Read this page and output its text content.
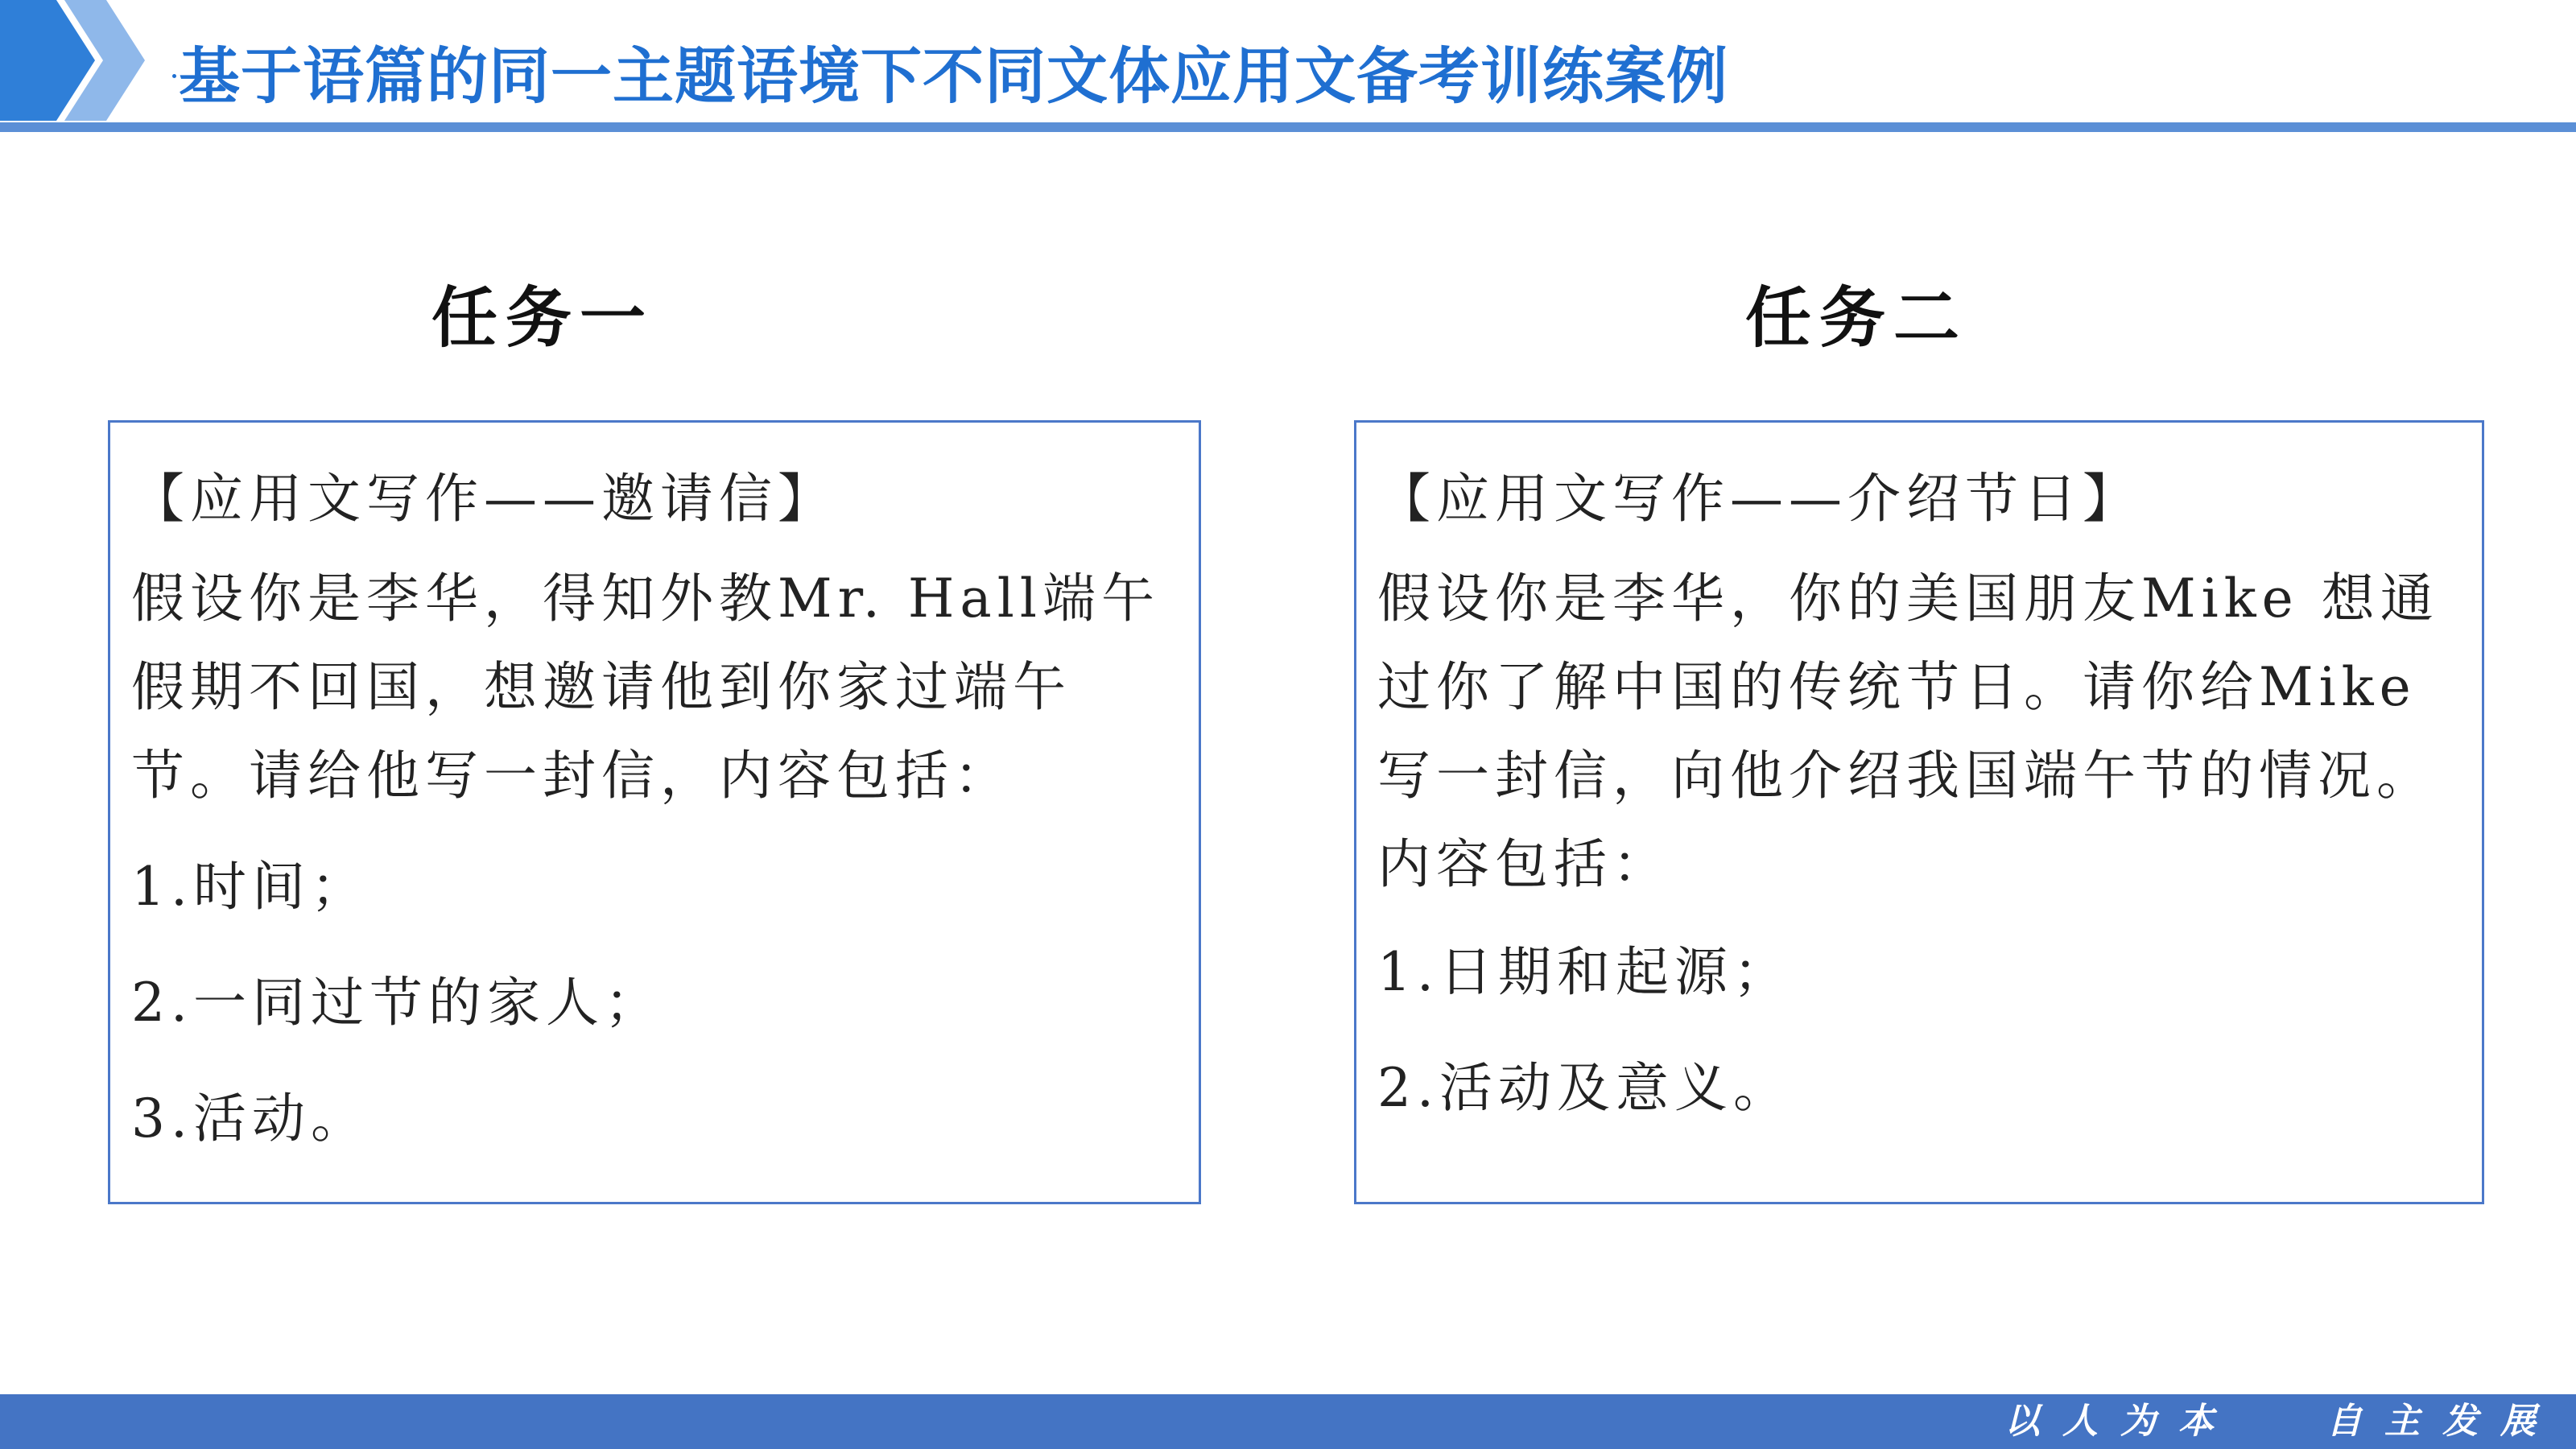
基于语篇的同一主题语境下不同文体应用文备考训练案例
任务一
【应用文写作——邀请信】
假设你是李华，得知外教Mr. Hall端午假期不回国，想邀请他到你家过端午节。请给他写一封信，内容包括：
1.时间；
2.一同过节的家人；
3.活动。
任务二
【应用文写作——介绍节日】
假设你是李华，你的美国朋友Mike 想通过你了解中国的传统节日。请你给Mike写一封信，向他介绍我国端午节的情况。内容包括：
1.日期和起源；
2.活动及意义。
以人为本	自主发展
